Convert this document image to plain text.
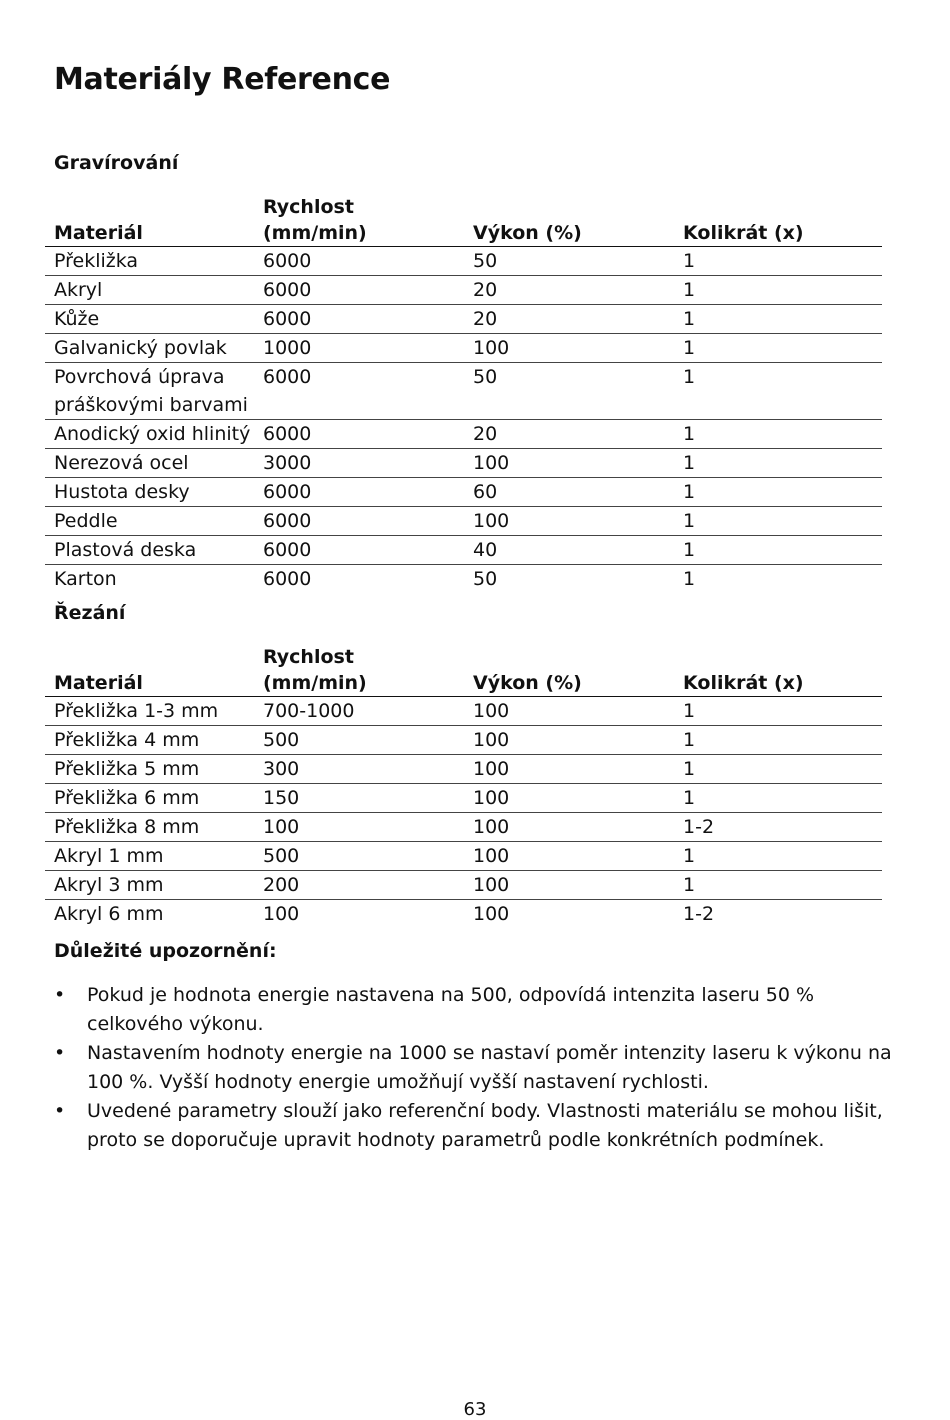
Materiály Reference
Gravírování
Materiál	Rychlost (mm/min)	Výkon (%)	Kolikrát (x)
Překližka	6000	50	1
Akryl	6000	20	1
Kůže	6000	20	1
Galvanický povlak	1000	100	1
Povrchová úprava práškovými barvami	6000	50	1
Anodický oxid hlinitý	6000	20	1
Nerezová ocel	3000	100	1
Hustota desky	6000	60	1
Peddle	6000	100	1
Plastová deska	6000	40	1
Karton	6000	50	1
Řezání
Materiál	Rychlost (mm/min)	Výkon (%)	Kolikrát (x)
Překližka 1-3 mm	700-1000	100	1
Překližka 4 mm	500	100	1
Překližka 5 mm	300	100	1
Překližka 6 mm	150	100	1
Překližka 8 mm	100	100	1-2
Akryl 1 mm	500	100	1
Akryl 3 mm	200	100	1
Akryl 6 mm	100	100	1-2
Důležité upozornění:
• Pokud je hodnota energie nastavena na 500, odpovídá intenzita laseru 50 % celkového výkonu.
• Nastavením hodnoty energie na 1000 se nastaví poměr intenzity laseru k výkonu na 100 %. Vyšší hodnoty energie umožňují vyšší nastavení rychlosti.
• Uvedené parametry slouží jako referenční body. Vlastnosti materiálu se mohou lišit, proto se doporučuje upravit hodnoty parametrů podle konkrétních podmínek.
63
